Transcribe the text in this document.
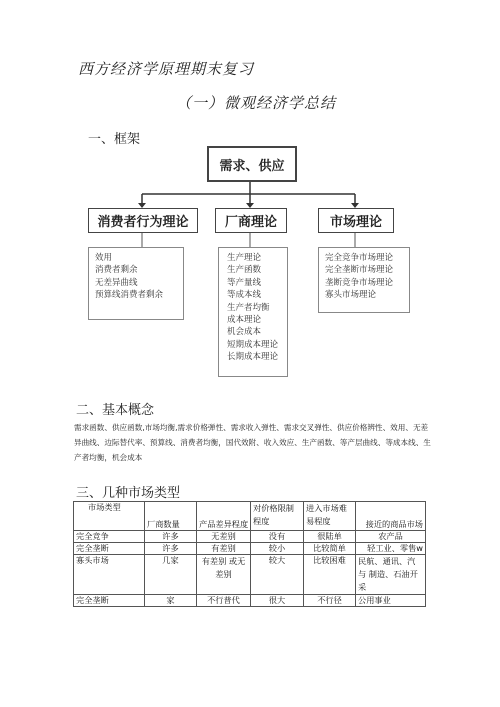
西方经济学原理期末复习
（一）微观经济学总结
一、框架
需求、供应
消费者行为理论	厂商理论	市场理论
效用
消费者剩余
无差异曲线
预算线消费者剩余
生产理论
生产函数
等产量线
等成本线
生产者均衡
成本理论
机会成本
短期成本理论
长期成本理论
完全竞争市场理论
完全垄断市场理论
垄断竞争市场理论
寡头市场理论
二、基本概念
需求函数、供应函数,市场均衡,需求价格弹性、需求收入弹性、需求交叉弹性、供应价格辨性、效用、无差异曲线、边际替代率、预算线、消费者均衡，国代效附、收入效应、生产函数、等产层曲线、等成本线、生产者均衡，机会成本
三、几种市场类型
市场类型	厂商数量	产品差异程度	对价格限制程度	进入市场难易程度	接近的商品市场
完全竞争	许多	无差别	没有	很陆单	农产品
完全垄断	许多	有差别	较小	比较简单	轻工业、零售w
寡头市场	几家	有差别 或无差别	较大	比较困难	民航、通讯、汽与 制造、石油开采
完全垄断	家	不行普代	很大	不行径	公用事业
